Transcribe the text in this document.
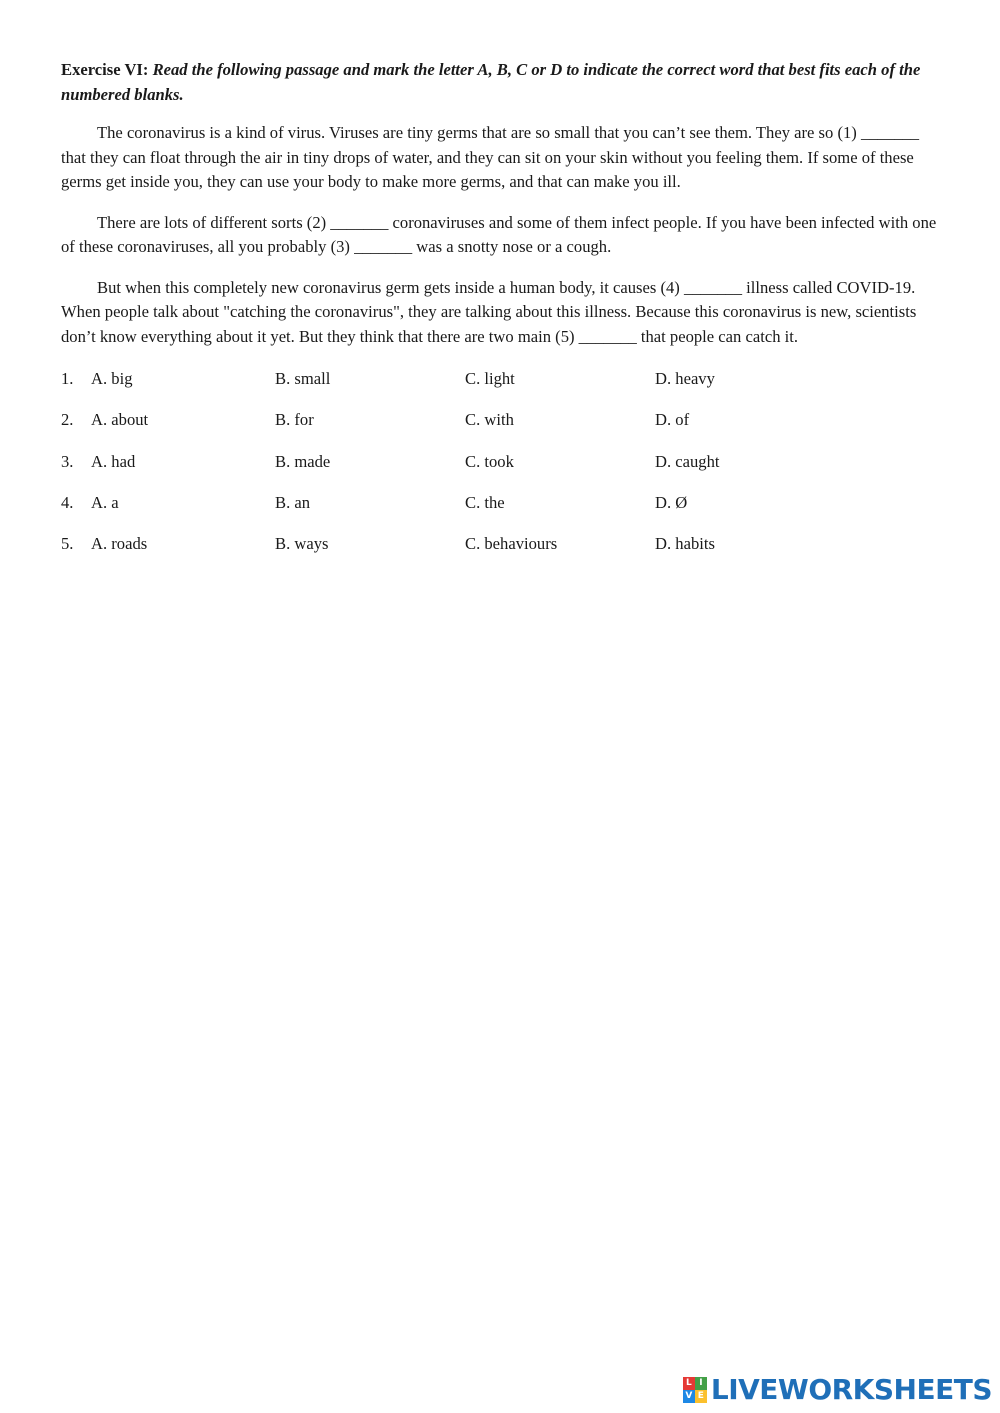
Exercise VI: Read the following passage and mark the letter A, B, C or D to indicate the correct word that best fits each of the numbered blanks.

The coronavirus is a kind of virus. Viruses are tiny germs that are so small that you can’t see them. They are so (1) _______ that they can float through the air in tiny drops of water, and they can sit on your skin without you feeling them. If some of these germs get inside you, they can use your body to make more germs, and that can make you ill.

There are lots of different sorts (2) _______ coronaviruses and some of them infect people. If you have been infected with one of these coronaviruses, all you probably (3) _______ was a snotty nose or a cough.

But when this completely new coronavirus germ gets inside a human body, it causes (4) _______ illness called COVID-19. When people talk about "catching the coronavirus", they are talking about this illness. Because this coronavirus is new, scientists don’t know everything about it yet. But they think that there are two main (5) _______ that people can catch it.

1. A. big	B. small	C. light	D. heavy
2. A. about	B. for	C. with	D. of
3. A. had	B. made	C. took	D. caught
4. A. a	B. an	C. the	D. Ø
5. A. roads	B. ways	C. behaviours	D. habits
L I
V E LIVEWORKSHEETS
